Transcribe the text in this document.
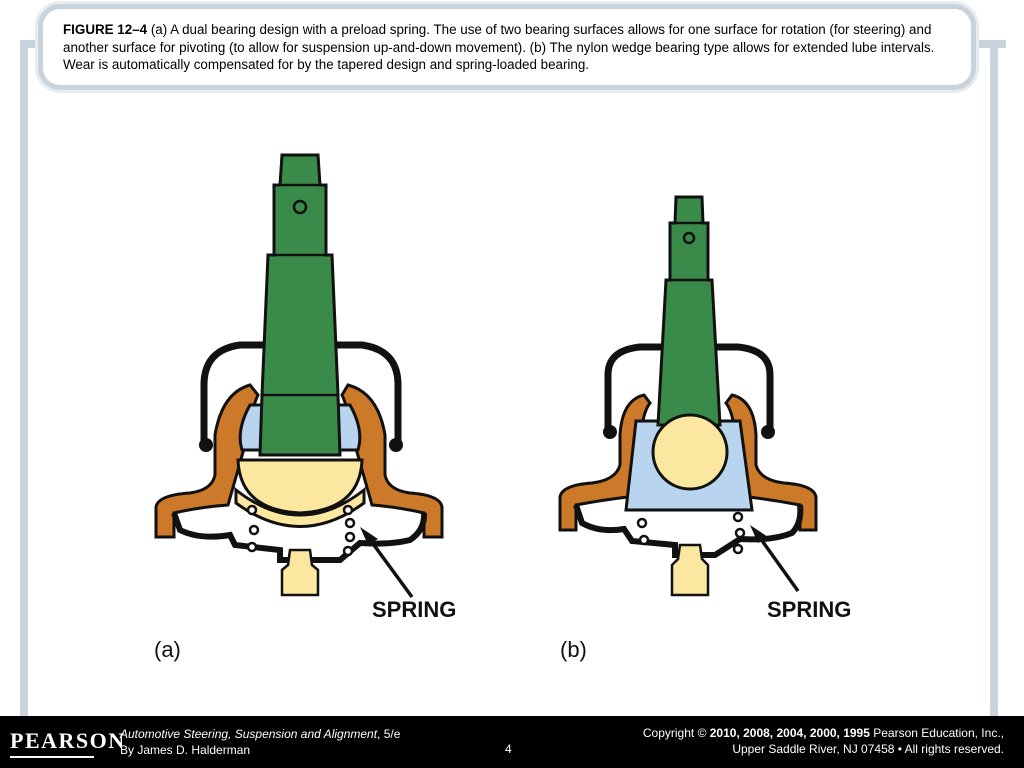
FIGURE 12–4 (a) A dual bearing design with a preload spring. The use of two bearing surfaces allows for one surface for rotation (for steering) and another surface for pivoting (to allow for suspension up-and-down movement). (b) The nylon wedge bearing type allows for extended lube intervals. Wear is automatically compensated for by the tapered design and spring-loaded bearing.
SPRING
(a)
SPRING
(b)
PEARSON
Automotive Steering, Suspension and Alignment, 5/e
By James D. Halderman	4
Copyright © 2010, 2008, 2004, 2000, 1995 Pearson Education, Inc.,
Upper Saddle River, NJ 07458 • All rights reserved.
